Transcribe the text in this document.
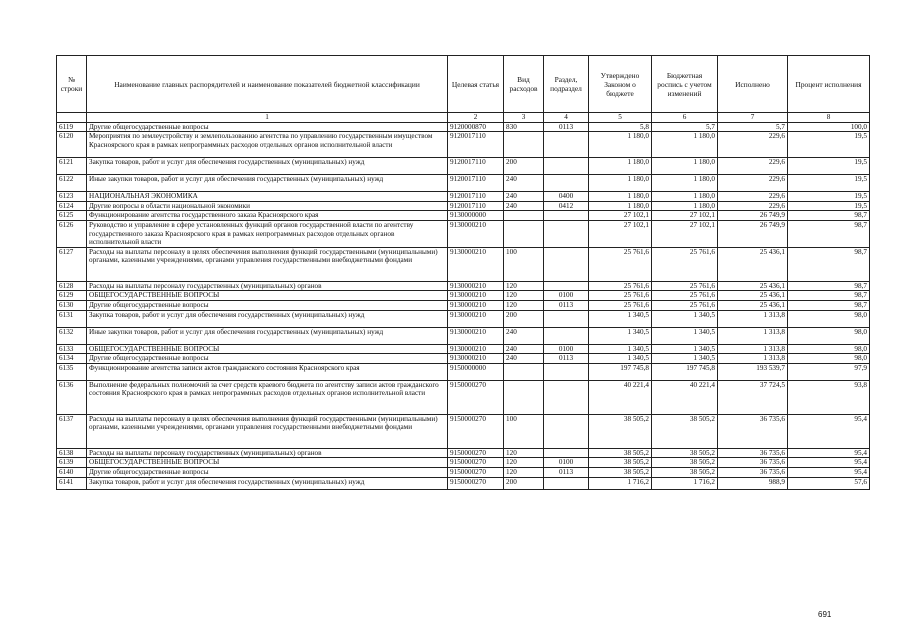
№ строки	Наименование главных распорядителей и наименование показателей бюджетной классификации	Целевая статья	Вид расходов	Раздел, подраздел	Утверждено Законом о бюджете	Бюджетная роспись с учетом изменений	Исполнено	Процент исполнения
	1	2	3	4	5	6	7	8
6119	Другие общегосударственные вопросы	9120000870	830	0113	5,8	5,7	5,7	100,0
6120	Мероприятия по землеустройству и землепользованию агентства по управлению государственным имуществом Красноярского края в рамках непрограммных расходов отдельных органов исполнительной власти	9120017110			1 180,0	1 180,0	229,6	19,5
6121	Закупка товаров, работ и услуг для обеспечения государственных (муниципальных) нужд	9120017110	200		1 180,0	1 180,0	229,6	19,5
6122	Иные закупки товаров, работ и услуг для обеспечения государственных (муниципальных) нужд	9120017110	240		1 180,0	1 180,0	229,6	19,5
6123	НАЦИОНАЛЬНАЯ ЭКОНОМИКА	9120017110	240	0400	1 180,0	1 180,0	229,6	19,5
6124	Другие вопросы в области национальной экономики	9120017110	240	0412	1 180,0	1 180,0	229,6	19,5
6125	Функционирование агентства государственного заказа Красноярского края	9130000000			27 102,1	27 102,1	26 749,9	98,7
6126	Руководство и управление в сфере установленных функций органов государственной власти по агентству государственного заказа Красноярского края в рамках непрограммных расходов отдельных органов исполнительной власти	9130000210			27 102,1	27 102,1	26 749,9	98,7
6127	Расходы на выплаты персоналу в целях обеспечения выполнения функций государственными (муниципальными) органами, казенными учреждениями, органами управления государственными внебюджетными фондами	9130000210	100		25 761,6	25 761,6	25 436,1	98,7
6128	Расходы на выплаты персоналу государственных (муниципальных) органов	9130000210	120		25 761,6	25 761,6	25 436,1	98,7
6129	ОБЩЕГОСУДАРСТВЕННЫЕ ВОПРОСЫ	9130000210	120	0100	25 761,6	25 761,6	25 436,1	98,7
6130	Другие общегосударственные вопросы	9130000210	120	0113	25 761,6	25 761,6	25 436,1	98,7
6131	Закупка товаров, работ и услуг для обеспечения государственных (муниципальных) нужд	9130000210	200		1 340,5	1 340,5	1 313,8	98,0
6132	Иные закупки товаров, работ и услуг для обеспечения государственных (муниципальных) нужд	9130000210	240		1 340,5	1 340,5	1 313,8	98,0
6133	ОБЩЕГОСУДАРСТВЕННЫЕ ВОПРОСЫ	9130000210	240	0100	1 340,5	1 340,5	1 313,8	98,0
6134	Другие общегосударственные вопросы	9130000210	240	0113	1 340,5	1 340,5	1 313,8	98,0
6135	Функционирование агентства записи актов гражданского состояния Красноярского края	9150000000			197 745,8	197 745,8	193 539,7	97,9
6136	Выполнение федеральных полномочий за счет средств краевого бюджета по агентству записи актов гражданского состояния Красноярского края в рамках непрограммных расходов отдельных органов исполнительной власти	9150000270			40 221,4	40 221,4	37 724,5	93,8
6137	Расходы на выплаты персоналу в целях обеспечения выполнения функций государственными (муниципальными) органами, казенными учреждениями, органами управления государственными внебюджетными фондами	9150000270	100		38 505,2	38 505,2	36 735,6	95,4
6138	Расходы на выплаты персоналу государственных (муниципальных) органов	9150000270	120		38 505,2	38 505,2	36 735,6	95,4
6139	ОБЩЕГОСУДАРСТВЕННЫЕ ВОПРОСЫ	9150000270	120	0100	38 505,2	38 505,2	36 735,6	95,4
6140	Другие общегосударственные вопросы	9150000270	120	0113	38 505,2	38 505,2	36 735,6	95,4
6141	Закупка товаров, работ и услуг для обеспечения государственных (муниципальных) нужд	9150000270	200		1 716,2	1 716,2	988,9	57,6
691
